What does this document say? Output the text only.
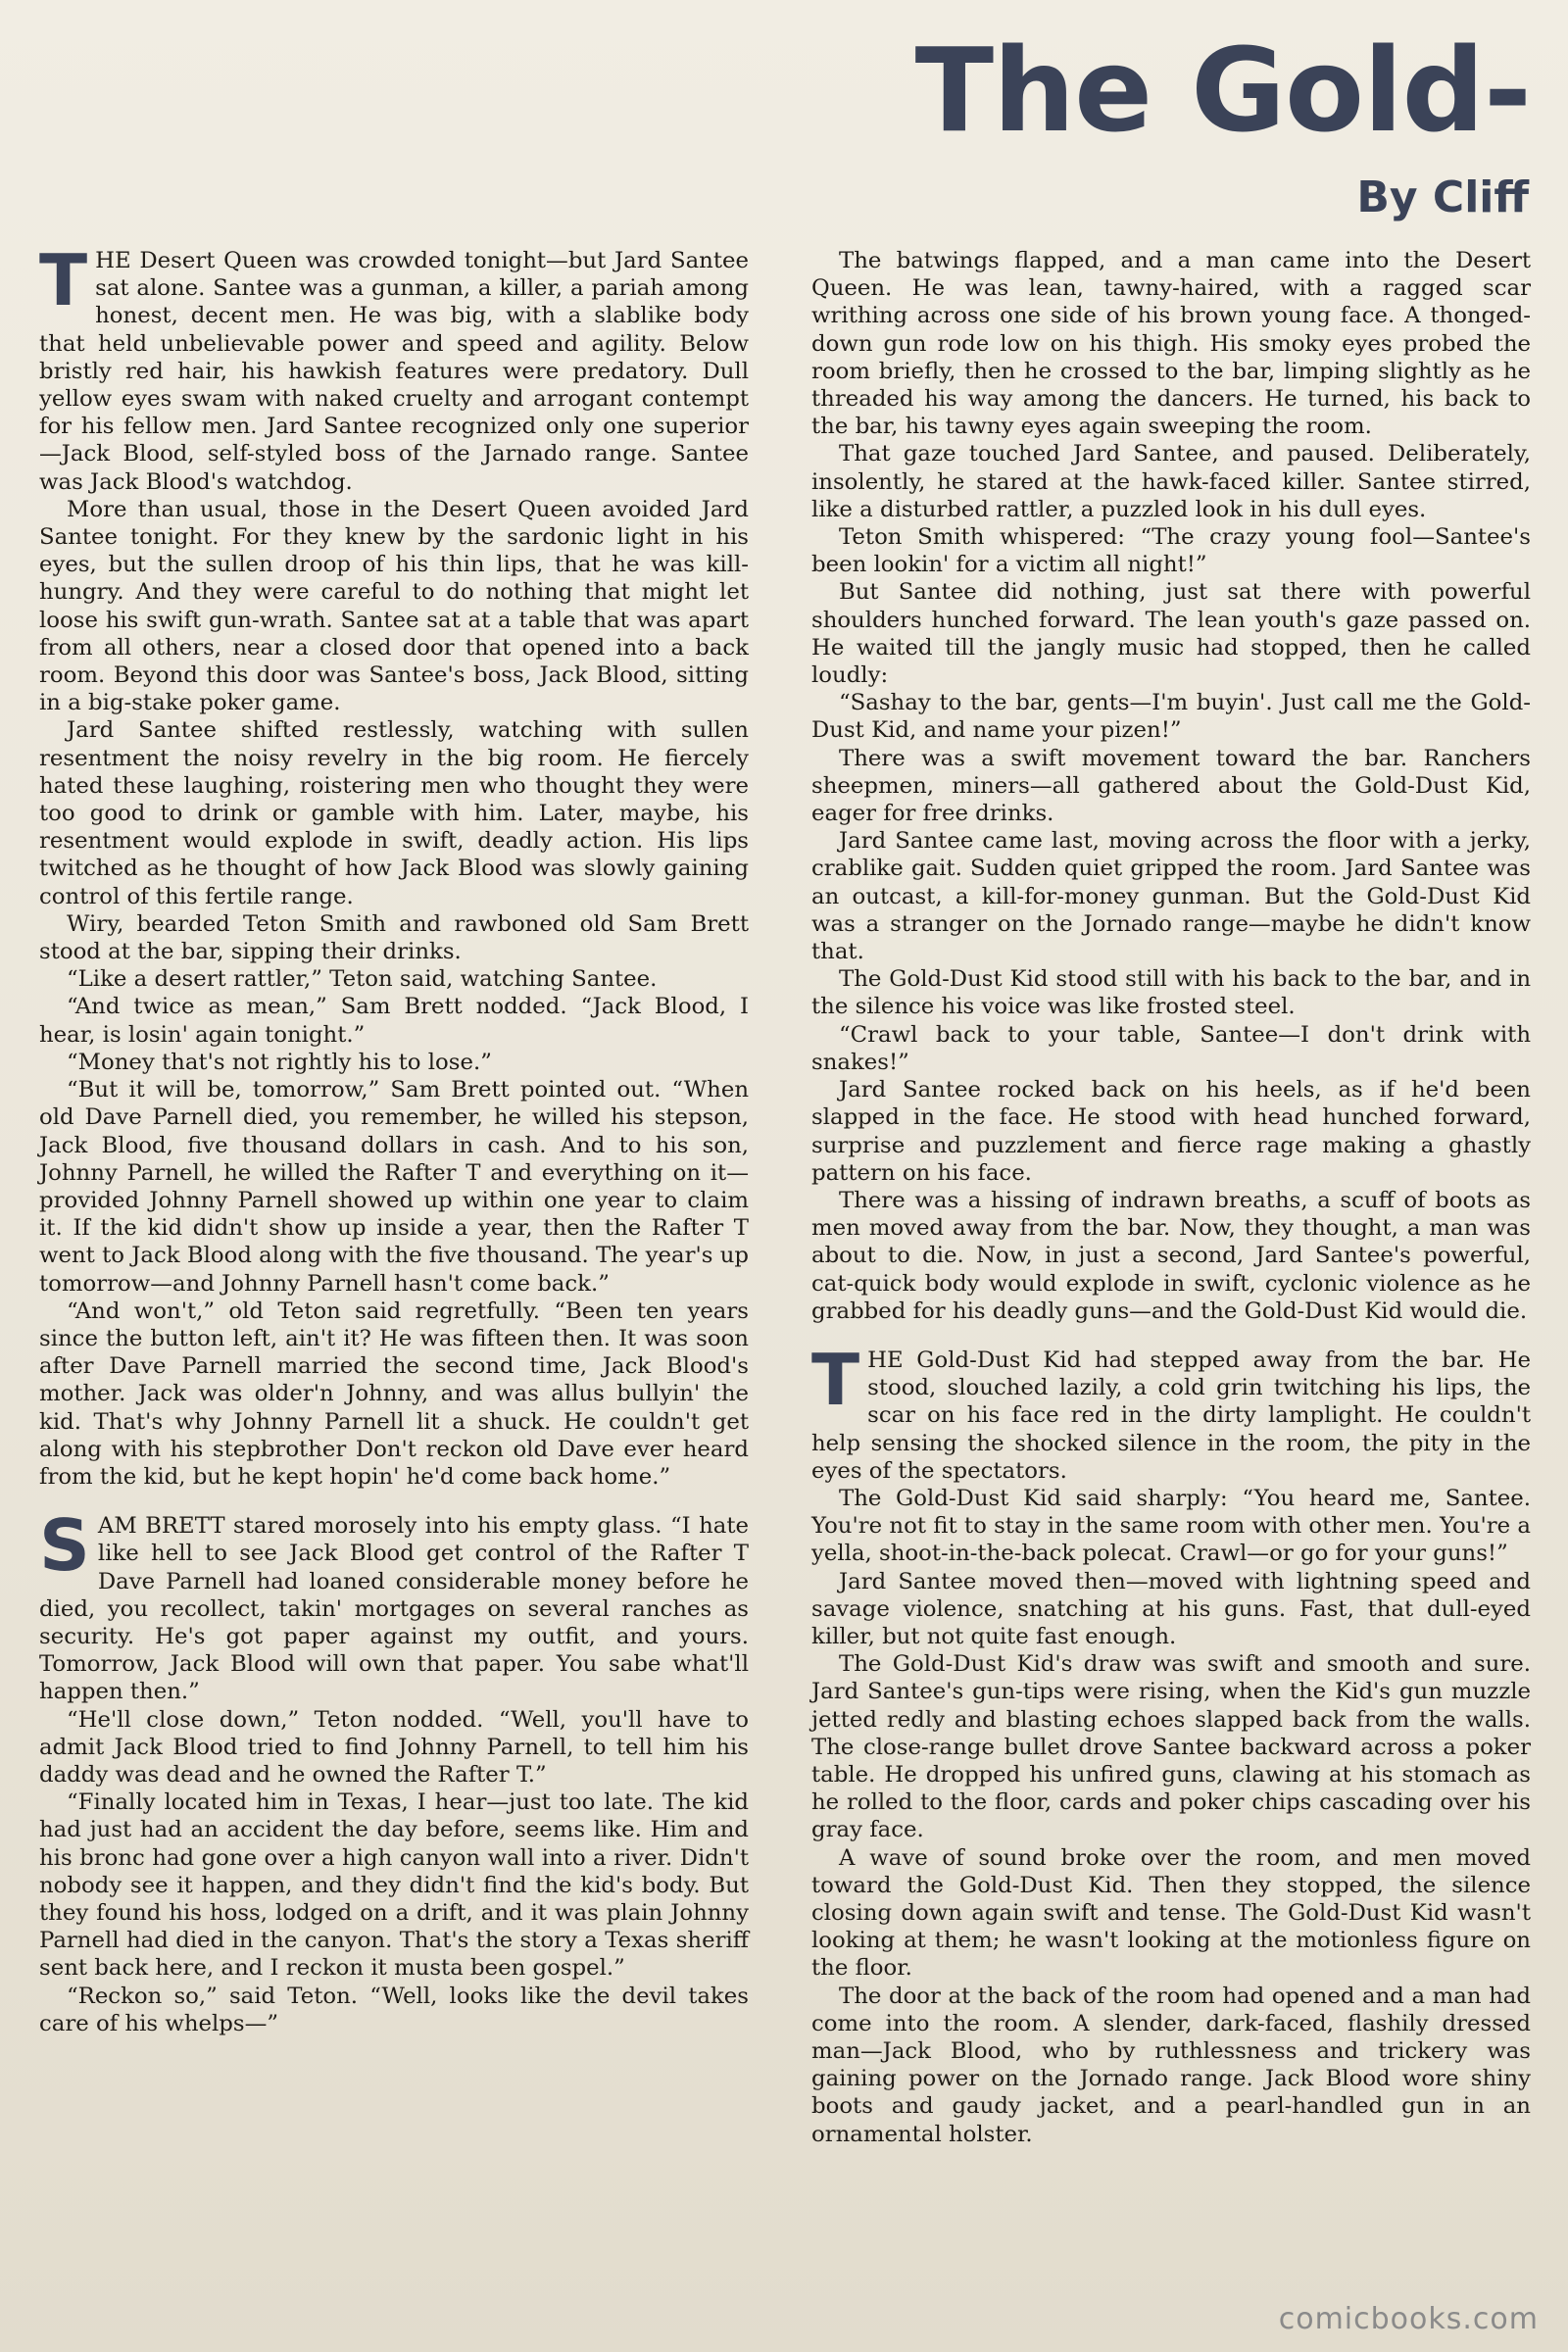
The Gold-
By Cliff

THE Desert Queen was crowded tonight—but Jard Santee sat alone. Santee was a gunman, a killer, a pariah among honest, decent men. He was big, with a slablike body that held unbelievable power and speed and agility. Below bristly red hair, his hawkish features were predatory. Dull yellow eyes swam with naked cruelty and arrogant contempt for his fellow men. Jard Santee recognized only one superior—Jack Blood, self-styled boss of the Jarnado range. Santee was Jack Blood's watchdog.

More than usual, those in the Desert Queen avoided Jard Santee tonight. For they knew by the sardonic light in his eyes, but the sullen droop of his thin lips, that he was kill-hungry. And they were careful to do nothing that might let loose his swift gun-wrath. Santee sat at a table that was apart from all others, near a closed door that opened into a back room. Beyond this door was Santee's boss, Jack Blood, sitting in a big-stake poker game.

Jard Santee shifted restlessly, watching with sullen resentment the noisy revelry in the big room. He fiercely hated these laughing, roistering men who thought they were too good to drink or gamble with him. Later, maybe, his resentment would explode in swift, deadly action. His lips twitched as he thought of how Jack Blood was slowly gaining control of this fertile range.

Wiry, bearded Teton Smith and rawboned old Sam Brett stood at the bar, sipping their drinks.

“Like a desert rattler,” Teton said, watching Santee.

“And twice as mean,” Sam Brett nodded. “Jack Blood, I hear, is losin' again tonight.”

“Money that's not rightly his to lose.”

“But it will be, tomorrow,” Sam Brett pointed out. “When old Dave Parnell died, you remember, he willed his stepson, Jack Blood, five thousand dollars in cash. And to his son, Johnny Parnell, he willed the Rafter T and everything on it—provided Johnny Parnell showed up within one year to claim it. If the kid didn't show up inside a year, then the Rafter T went to Jack Blood along with the five thousand. The year's up tomorrow—and Johnny Parnell hasn't come back.”

“And won't,” old Teton said regretfully. “Been ten years since the button left, ain't it? He was fifteen then. It was soon after Dave Parnell married the second time, Jack Blood's mother. Jack was older'n Johnny, and was allus bullyin' the kid. That's why Johnny Parnell lit a shuck. He couldn't get along with his stepbrother Don't reckon old Dave ever heard from the kid, but he kept hopin' he'd come back home.”

SAM BRETT stared morosely into his empty glass. “I hate like hell to see Jack Blood get control of the Rafter T Dave Parnell had loaned considerable money before he died, you recollect, takin' mortgages on several ranches as security. He's got paper against my outfit, and yours. Tomorrow, Jack Blood will own that paper. You sabe what'll happen then.”

“He'll close down,” Teton nodded. “Well, you'll have to admit Jack Blood tried to find Johnny Parnell, to tell him his daddy was dead and he owned the Rafter T.”

“Finally located him in Texas, I hear—just too late. The kid had just had an accident the day before, seems like. Him and his bronc had gone over a high canyon wall into a river. Didn't nobody see it happen, and they didn't find the kid's body. But they found his hoss, lodged on a drift, and it was plain Johnny Parnell had died in the canyon. That's the story a Texas sheriff sent back here, and I reckon it musta been gospel.”

“Reckon so,” said Teton. “Well, looks like the devil takes care of his whelps—”

The batwings flapped, and a man came into the Desert Queen. He was lean, tawny-haired, with a ragged scar writhing across one side of his brown young face. A thonged-down gun rode low on his thigh. His smoky eyes probed the room briefly, then he crossed to the bar, limping slightly as he threaded his way among the dancers. He turned, his back to the bar, his tawny eyes again sweeping the room.

That gaze touched Jard Santee, and paused. Deliberately, insolently, he stared at the hawk-faced killer. Santee stirred, like a disturbed rattler, a puzzled look in his dull eyes.

Teton Smith whispered: “The crazy young fool—Santee's been lookin' for a victim all night!”

But Santee did nothing, just sat there with powerful shoulders hunched forward. The lean youth's gaze passed on. He waited till the jangly music had stopped, then he called loudly:

“Sashay to the bar, gents—I'm buyin'. Just call me the Gold-Dust Kid, and name your pizen!”

There was a swift movement toward the bar. Ranchers sheepmen, miners—all gathered about the Gold-Dust Kid, eager for free drinks.

Jard Santee came last, moving across the floor with a jerky, crablike gait. Sudden quiet gripped the room. Jard Santee was an outcast, a kill-for-money gunman. But the Gold-Dust Kid was a stranger on the Jornado range—maybe he didn't know that.

The Gold-Dust Kid stood still with his back to the bar, and in the silence his voice was like frosted steel.

“Crawl back to your table, Santee—I don't drink with snakes!”

Jard Santee rocked back on his heels, as if he'd been slapped in the face. He stood with head hunched forward, surprise and puzzlement and fierce rage making a ghastly pattern on his face.

There was a hissing of indrawn breaths, a scuff of boots as men moved away from the bar. Now, they thought, a man was about to die. Now, in just a second, Jard Santee's powerful, cat-quick body would explode in swift, cyclonic violence as he grabbed for his deadly guns—and the Gold-Dust Kid would die.

THE Gold-Dust Kid had stepped away from the bar. He stood, slouched lazily, a cold grin twitching his lips, the scar on his face red in the dirty lamplight. He couldn't help sensing the shocked silence in the room, the pity in the eyes of the spectators.

The Gold-Dust Kid said sharply: “You heard me, Santee. You're not fit to stay in the same room with other men. You're a yella, shoot-in-the-back polecat. Crawl—or go for your guns!”

Jard Santee moved then—moved with lightning speed and savage violence, snatching at his guns. Fast, that dull-eyed killer, but not quite fast enough.

The Gold-Dust Kid's draw was swift and smooth and sure. Jard Santee's gun-tips were rising, when the Kid's gun muzzle jetted redly and blasting echoes slapped back from the walls. The close-range bullet drove Santee backward across a poker table. He dropped his unfired guns, clawing at his stomach as he rolled to the floor, cards and poker chips cascading over his gray face.

A wave of sound broke over the room, and men moved toward the Gold-Dust Kid. Then they stopped, the silence closing down again swift and tense. The Gold-Dust Kid wasn't looking at them; he wasn't looking at the motionless figure on the floor.

The door at the back of the room had opened and a man had come into the room. A slender, dark-faced, flashily dressed man—Jack Blood, who by ruthlessness and trickery was gaining power on the Jornado range. Jack Blood wore shiny boots and gaudy jacket, and a pearl-handled gun in an ornamental holster.

comicbooks.com
